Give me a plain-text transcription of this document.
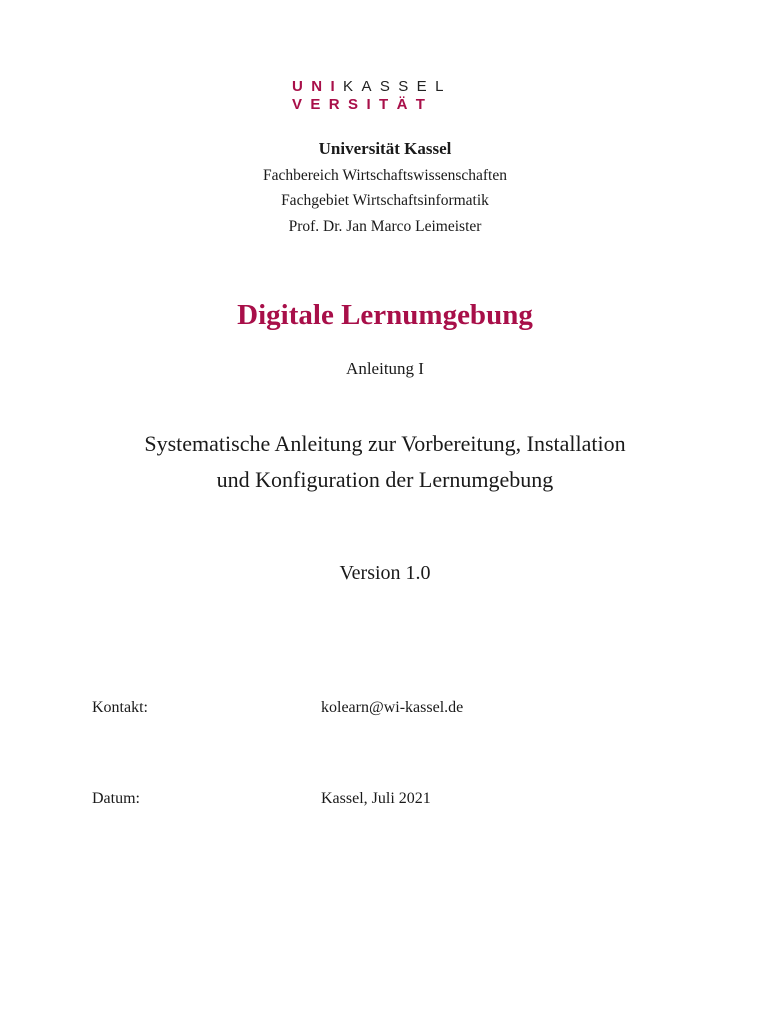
UNIKASSEL
VERSITÄT
Universität Kassel
Fachbereich Wirtschaftswissenschaften
Fachgebiet Wirtschaftsinformatik
Prof. Dr. Jan Marco Leimeister
Digitale Lernumgebung
Anleitung I
Systematische Anleitung zur Vorbereitung, Installation
und Konfiguration der Lernumgebung
Version 1.0
Kontakt:	kolearn@wi-kassel.de
Datum:	Kassel, Juli 2021
